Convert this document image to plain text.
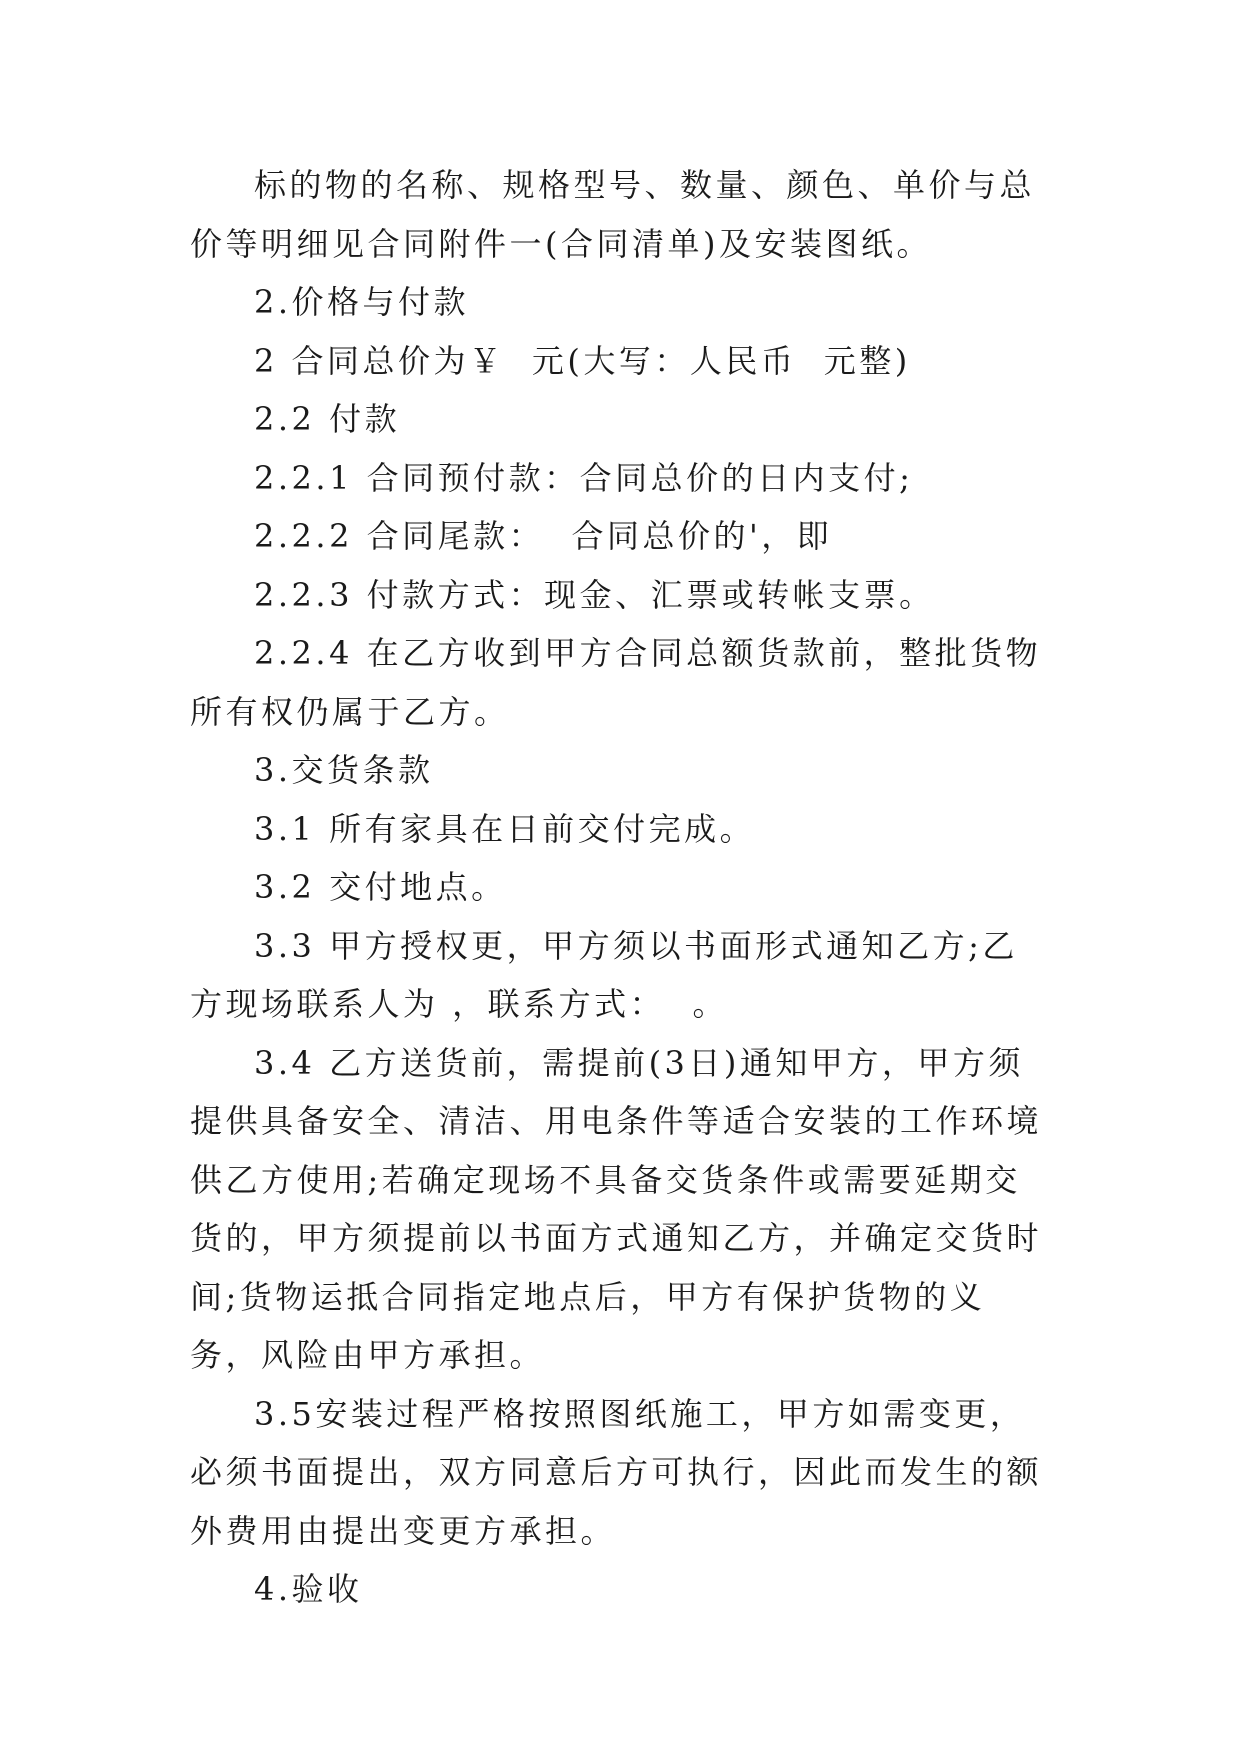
标的物的名称、规格型号、数量、颜色、单价与总价等明细见合同附件一(合同清单)及安装图纸。

2.价格与付款

2 合同总价为￥  元(大写：人民币  元整)

2.2 付款

2.2.1 合同预付款：合同总价的日内支付;

2.2.2 合同尾款：  合同总价的'，即

2.2.3 付款方式：现金、汇票或转帐支票。

2.2.4 在乙方收到甲方合同总额货款前，整批货物所有权仍属于乙方。

3.交货条款

3.1 所有家具在日前交付完成。

3.2 交付地点。

3.3 甲方授权更，甲方须以书面形式通知乙方;乙方现场联系人为 ，联系方式：  。

3.4 乙方送货前，需提前(3日)通知甲方，甲方须提供具备安全、清洁、用电条件等适合安装的工作环境供乙方使用;若确定现场不具备交货条件或需要延期交货的，甲方须提前以书面方式通知乙方，并确定交货时间;货物运抵合同指定地点后，甲方有保护货物的义务，风险由甲方承担。

3.5安装过程严格按照图纸施工，甲方如需变更，必须书面提出，双方同意后方可执行，因此而发生的额外费用由提出变更方承担。

4.验收
